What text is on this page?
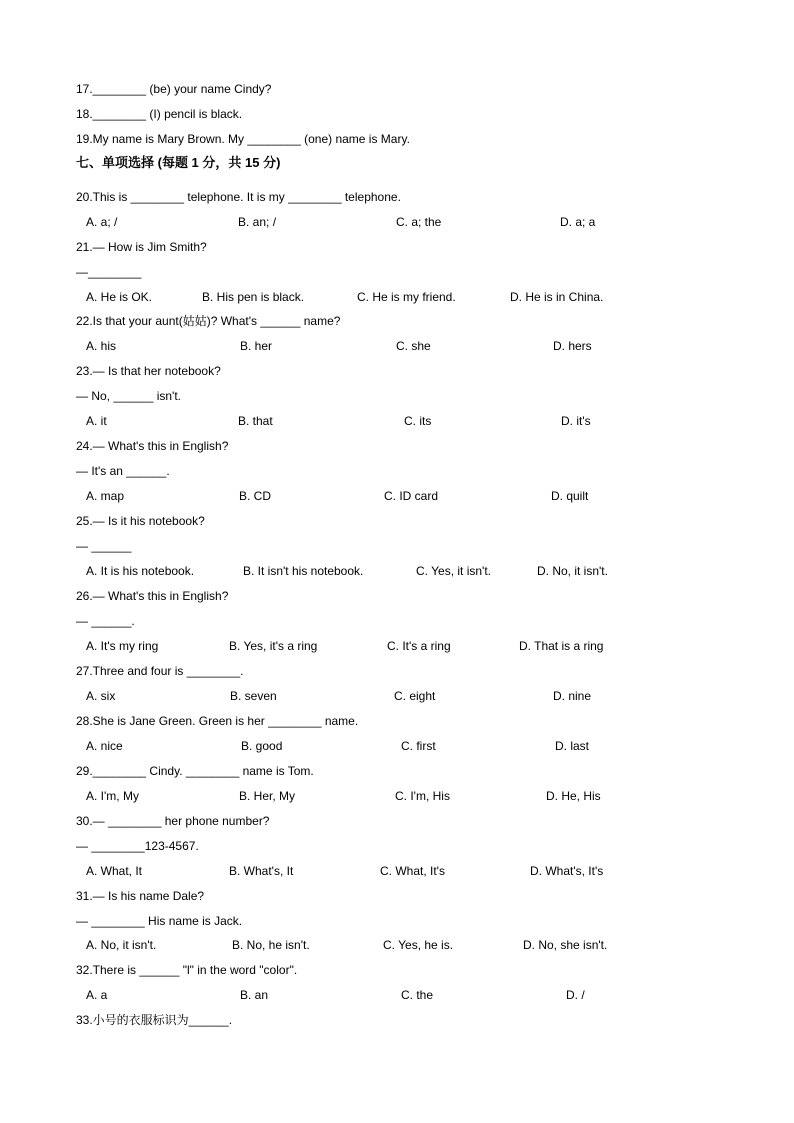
17.________ (be) your name Cindy?
18.________ (I) pencil is black.
19.My name is Mary Brown. My ________ (one) name is Mary.
七、单项选择 (每题 1 分，共 15 分)
20.This is ________ telephone. It is my ________ telephone.
A. a; /	B. an; /	C. a; the	D. a; a
21.— How is Jim Smith?
—________
A. He is OK.	B. His pen is black.	C. He is my friend.	D. He is in China.
22.Is that your aunt(姑姑)? What's ______ name?
A. his	B. her	C. she	D. hers
23.— Is that her notebook?
— No, ______ isn't.
A. it	B. that	C. its	D. it's
24.— What's this in English?
— It's an ______.
A. map	B. CD	C. ID card	D. quilt
25.— Is it his notebook?
— ______
A. It is his notebook.	B. It isn't his notebook.	C. Yes, it isn't.	D. No, it isn't.
26.— What's this in English?
— ______.
A. It's my ring	B. Yes, it's a ring	C. It's a ring	D. That is a ring
27.Three and four is ________.
A. six	B. seven	C. eight	D. nine
28.She is Jane Green. Green is her ________ name.
A. nice	B. good	C. first	D. last
29.________ Cindy. ________ name is Tom.
A. I'm, My	B. Her, My	C. I'm, His	D. He, His
30.— ________ her phone number?
— ________123-4567.
A. What, It	B. What's, It	C. What, It's	D. What's, It's
31.— Is his name Dale?
— ________ His name is Jack.
A. No, it isn't.	B. No, he isn't.	C. Yes, he is.	D. No, she isn't.
32.There is ______ "l" in the word "color".
A. a	B. an	C. the	D. /
33.小号的衣服标识为______.
